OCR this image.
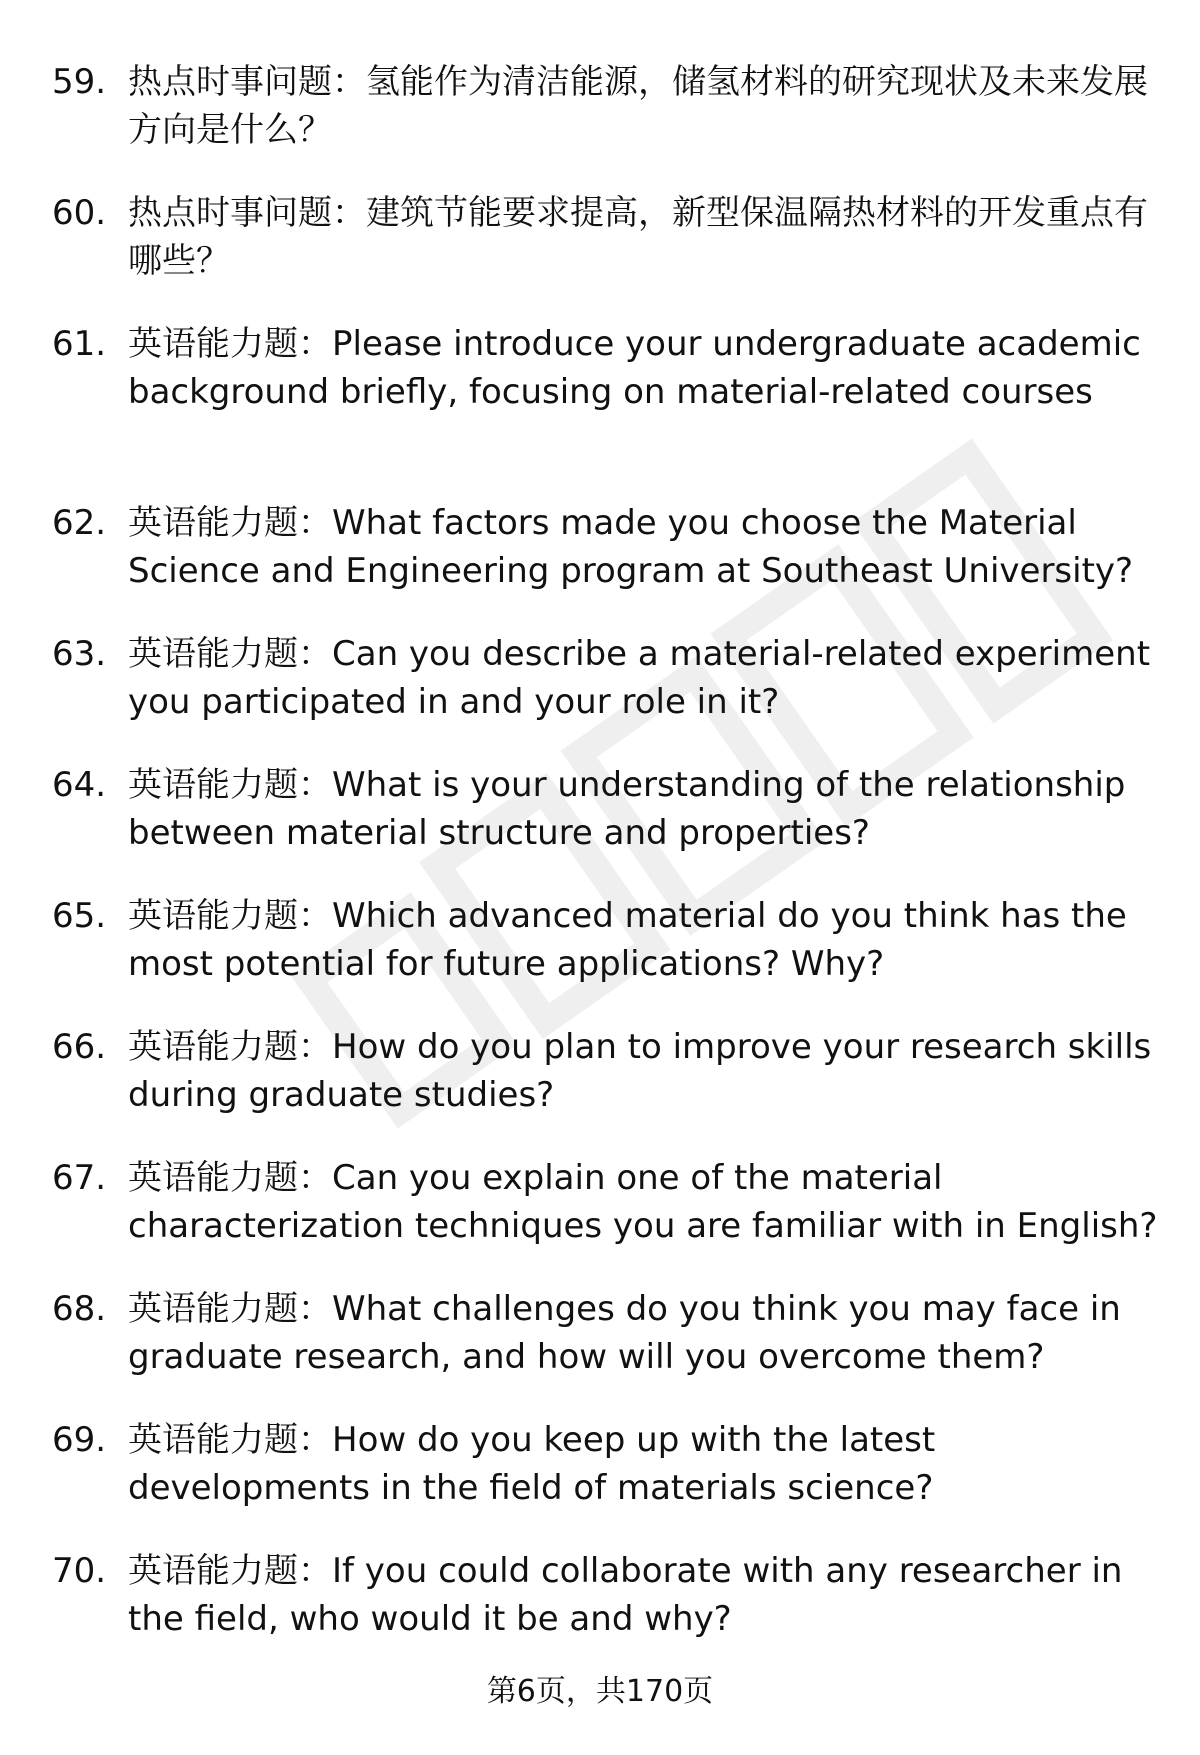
59. 热点时事问题：氢能作为清洁能源，储氢材料的研究现状及未来发展方向是什么？
60. 热点时事问题：建筑节能要求提高，新型保温隔热材料的开发重点有哪些？
61. 英语能力题：Please introduce your undergraduate academic background briefly, focusing on material-related courses
62. 英语能力题：What factors made you choose the Material Science and Engineering program at Southeast University?
63. 英语能力题：Can you describe a material-related experiment you participated in and your role in it?
64. 英语能力题：What is your understanding of the relationship between material structure and properties?
65. 英语能力题：Which advanced material do you think has the most potential for future applications? Why?
66. 英语能力题：How do you plan to improve your research skills during graduate studies?
67. 英语能力题：Can you explain one of the material characterization techniques you are familiar with in English?
68. 英语能力题：What challenges do you think you may face in graduate research, and how will you overcome them?
69. 英语能力题：How do you keep up with the latest developments in the field of materials science?
70. 英语能力题：If you could collaborate with any researcher in the field, who would it be and why?
第6页，共170页
